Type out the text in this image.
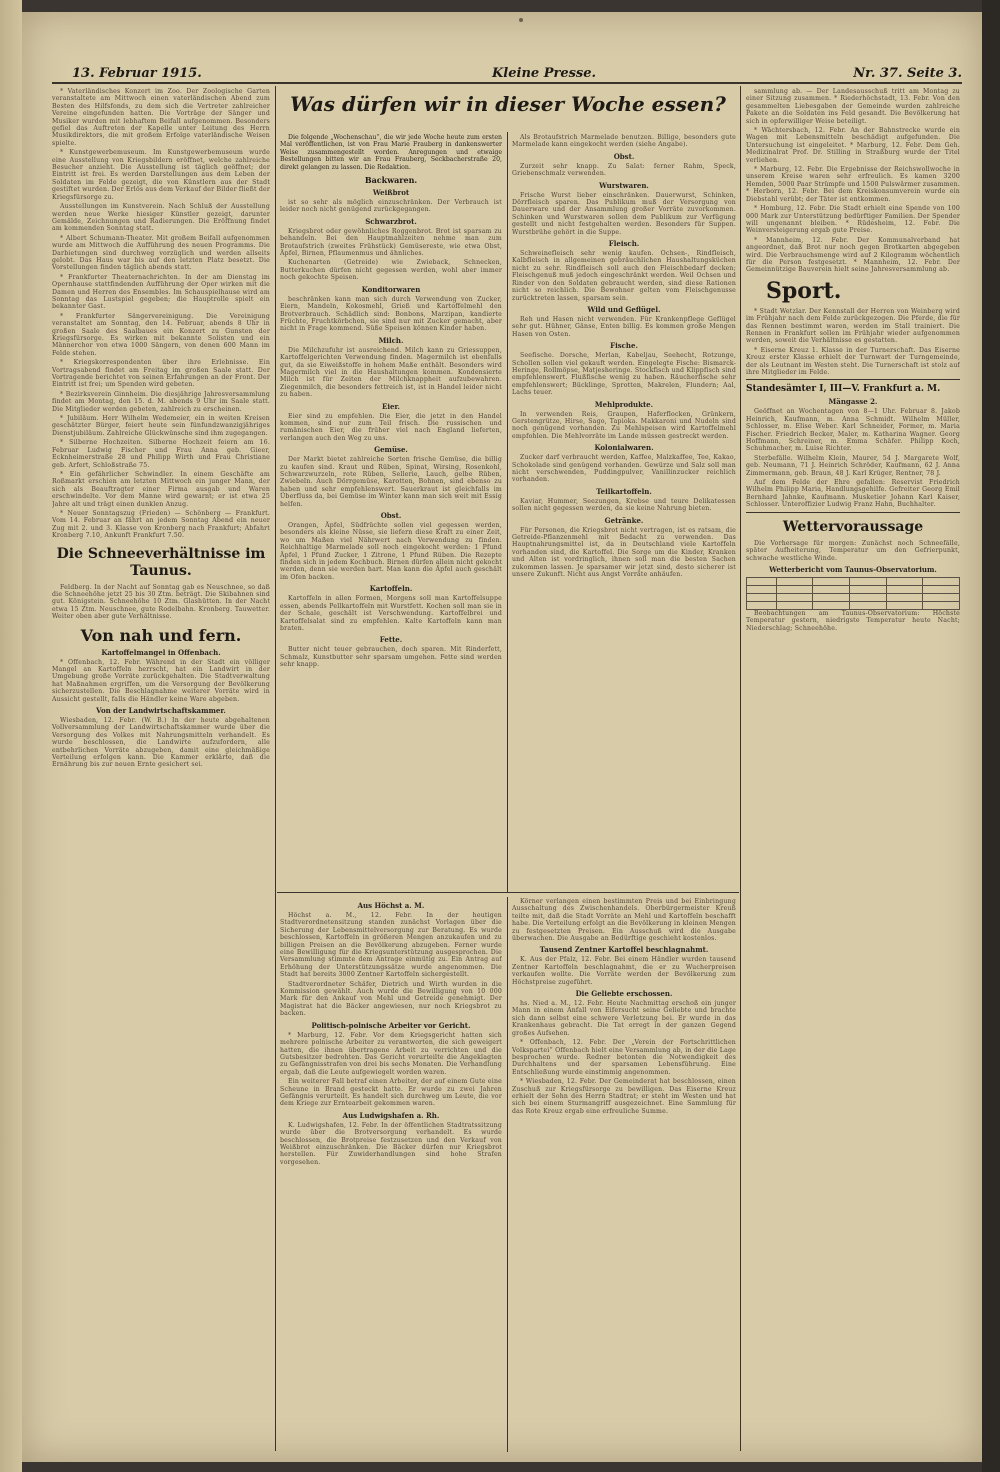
13. Februar 1915.	Kleine Presse.	Nr. 37. Seite 3.

* Vaterländisches Konzert im Zoo. Der Zoologische Garten veranstaltete am Mittwoch einen vaterländischen Abend zum Besten des Hilfsfonds, zu dem sich die Vertreter zahlreicher Vereine eingefunden hatten. Die Vorträge der Sänger und Musiker wurden mit lebhaftem Beifall aufgenommen. Besonders gefiel das Auftreten der Kapelle unter Leitung des Herrn Musikdirektors, die mit großem Erfolge vaterländische Weisen spielte.

* Kunstgewerbemuseum. Im Kunstgewerbemuseum wurde eine Ausstellung von Kriegsbildern eröffnet, welche zahlreiche Besucher anzieht. Die Ausstellung ist täglich geöffnet; der Eintritt ist frei. Es werden Darstellungen aus dem Leben der Soldaten im Felde gezeigt, die von Künstlern aus der Stadt gestiftet wurden. Der Erlös aus dem Verkauf der Bilder fließt der Kriegsfürsorge zu.

Ausstellungen im Kunstverein. Nach Schluß der Ausstellung werden neue Werke hiesiger Künstler gezeigt, darunter Gemälde, Zeichnungen und Radierungen. Die Eröffnung findet am kommenden Sonntag statt.

* Albert Schumann-Theater. Mit großem Beifall aufgenommen wurde am Mittwoch die Aufführung des neuen Programms. Die Darbietungen sind durchweg vorzüglich und werden allseits gelobt. Das Haus war bis auf den letzten Platz besetzt. Die Vorstellungen finden täglich abends statt.

* Frankfurter Theaternachrichten. In der am Dienstag im Opernhause stattfindenden Aufführung der Oper wirken mit die Damen und Herren des Ensembles. Im Schauspielhause wird am Sonntag das Lustspiel gegeben; die Hauptrolle spielt ein bekannter Gast.

* Frankfurter Sängervereinigung. Die Vereinigung veranstaltet am Sonntag, den 14. Februar, abends 8 Uhr in großen Saale des Saalbaues ein Konzert zu Gunsten der Kriegsfürsorge. Es wirken mit bekannte Solisten und ein Männerchor von etwa 1000 Sängern, von denen 600 Mann im Felde stehen.

* Kriegskorrespondenten über ihre Erlebnisse. Ein Vortragsabend findet am Freitag im großen Saale statt. Der Vortragende berichtet von seinen Erfahrungen an der Front. Der Eintritt ist frei; um Spenden wird gebeten.

* Bezirksverein Ginnheim. Die diesjährige Jahresversammlung findet am Montag, den 15. d. M. abends 9 Uhr im Saale statt. Die Mitglieder werden gebeten, zahlreich zu erscheinen.

* Jubiläum. Herr Wilhelm Wedemeier, ein in weiten Kreisen geschätzter Bürger, feiert heute sein fünfundzwanzigjähriges Dienstjubiläum. Zahlreiche Glückwünsche sind ihm zugegangen.

* Silberne Hochzeiten. Silberne Hochzeit feiern am 16. Februar Ludwig Fischer und Frau Anna geb. Gieer, Ecknheimerstraße 28 und Philipp Wirth und Frau Christiane geb. Arfert, Schloßstraße 75.

* Ein gefährlicher Schwindler. In einem Geschäfte am Roßmarkt erschien am letzten Mittwoch ein junger Mann, der sich als Beauftragter einer Firma ausgab und Waren erschwindelte. Vor dem Manne wird gewarnt; er ist etwa 25 Jahre alt und trägt einen dunklen Anzug.

* Neuer Sonntagszug (Frieden) — Schönberg — Frankfurt. Vom 14. Februar an fährt an jedem Sonntag Abend ein neuer Zug mit 2. und 3. Klasse von Kronberg nach Frankfurt; Abfahrt Kronberg 7.10, Ankunft Frankfurt 7.50.

Die Schneeverhältnisse im Taunus.

Feldberg. In der Nacht auf Sonntag gab es Neuschnee, so daß die Schneehöhe jetzt 25 bis 30 Ztm. beträgt. Die Skibahnen sind gut. Königstein. Schneehöhe 10 Ztm. Glashütten. In der Nacht etwa 15 Ztm. Neuschnee, gute Rodelbahn. Kronberg. Tauwetter. Weiter oben aber gute Verhältnisse.

Von nah und fern.
Kartoffelmangel in Offenbach.

* Offenbach, 12. Febr. Während in der Stadt ein völliger Mangel an Kartoffeln herrscht, hat ein Landwirt in der Umgebung große Vorräte zurückgehalten. Die Stadtverwaltung hat Maßnahmen ergriffen, um die Versorgung der Bevölkerung sicherzustellen. Die Beschlagnahme weiterer Vorräte wird in Aussicht gestellt, falls die Händler keine Ware abgeben.

Von der Landwirtschaftskammer.

Wiesbaden, 12. Febr. (W. B.) In der heute abgehaltenen Vollversammlung der Landwirtschaftskammer wurde über die Versorgung des Volkes mit Nahrungsmitteln verhandelt. Es wurde beschlossen, die Landwirte aufzufordern, alle entbehrlichen Vorräte abzugeben, damit eine gleichmäßige Verteilung erfolgen kann. Die Kammer erklärte, daß die Ernährung bis zur neuen Ernte gesichert sei.

Was dürfen wir in dieser Woche essen?

Die folgende „Wochenschau“, die wir jede Woche heute zum ersten Mal veröffentlichen, ist von Frau Marie Frauberg in dankenswerter Weise zusammengestellt worden. Anregungen und etwaige Bestellungen bitten wir an Frau Frauberg, Seckbacherstraße 20, direkt gelangen zu lassen. Die Redaktion.

Backwaren.
Weißbrot

ist so sehr als möglich einzuschränken. Der Verbrauch ist leider noch nicht genügend zurückgegangen.

Schwarzbrot.

Kriegsbrot oder gewöhnliches Roggenbrot. Brot ist sparsam zu behandeln. Bei den Hauptmahlzeiten nehme man zum Brotaufstrich (zweites Frühstück) Gemüsereste, wie etwa Obst, Äpfel, Birnen, Pflaumenmus und ähnliches.

Kuchenarten (Getreide) wie Zwieback, Schnecken, Butterkuchen dürfen nicht gegessen werden, wohl aber immer noch gekochte Speisen.

Konditorwaren

beschränken kann man sich durch Verwendung von Zucker, Eiern, Mandeln, Kokosmehl, Grieß und Kartoffelmehl den Brotverbrauch. Schädlich sind: Bonbons, Marzipan, kandierte Früchte, Fruchtkörbchen, sie sind nur mit Zucker gemacht, aber nicht in Frage kommend. Süße Speisen können Kinder haben.

Milch.

Die Milchzufuhr ist ausreichend. Milch kann zu Griessuppen, Kartoffelgerichten Verwendung finden. Magermilch ist ebenfalls gut, da sie Eiweißstoffe in hohem Maße enthält. Besonders wird Magermilch viel in die Haushaltungen kommen. Kondensierte Milch ist für Zeiten der Milchknappheit aufzubewahren. Ziegenmilch, die besonders fettreich ist, ist in Handel leider nicht zu haben.

Eier.

Eier sind zu empfehlen. Die Eier, die jetzt in den Handel kommen, sind nur zum Teil frisch. Die russischen und rumänischen Eier, die früher viel nach England lieferten, verlangen auch den Weg zu uns.

Gemüse.

Der Markt bietet zahlreiche Sorten frische Gemüse, die billig zu kaufen sind. Kraut und Rüben, Spinat, Wirsing, Rosenkohl, Schwarzwurzeln, rote Rüben, Sellerie, Lauch, gelbe Rüben, Zwiebeln. Auch Dörrgemüse, Karotten, Bohnen, sind ebenso zu haben und sehr empfehlenswert. Sauerkraut ist gleichfalls im Überfluss da, bei Gemüse im Winter kann man sich weit mit Essig helfen.

Obst.

Orangen, Äpfel, Südfrüchte sollen viel gegessen werden, besonders als kleine Nüsse, sie liefern diese Kraft zu einer Zeit, wo um Maßen viel Nährwert nach Verwendung zu finden. Reichhaltige Marmelade soll noch eingekocht werden: 1 Pfund Äpfel, 1 Pfund Zucker, 1 Zitrone, 1 Pfund Rüben. Die Rezepte finden sich in jedem Kochbuch. Birnen dürfen allein nicht gekocht werden, denn sie werden hart. Man kann die Äpfel auch geschält im Ofen backen.

Kartoffeln.

Kartoffeln in allen Formen, Morgens soll man Kartoffelsuppe essen, abends Pellkartoffeln mit Wurstfett. Kochen soll man sie in der Schale, geschält ist Verschwendung. Kartoffelbrei und Kartoffelsalat sind zu empfehlen. Kalte Kartoffeln kann man braten.

Fette.

Butter nicht teuer gebrauchen, doch sparen. Mit Rinderfett, Schmalz, Kunstbutter sehr sparsam umgehen. Fette sind werden sehr knapp.

Als Brotaufstrich Marmelade benutzen. Billige, besonders gute Marmelade kann eingekocht werden (siehe Angabe).

Obst.

Zurzeit sehr knapp. Zu Salat: ferner Rahm, Speck, Griebenschmalz verwenden.

Wurstwaren.

Frische Wurst lieber einschränken. Dauerwurst, Schinken, Dörrfleisch sparen. Das Publikum muß der Versorgung von Dauerware und der Ansammlung großer Vorräte zuvorkommen. Schinken und Wurstwaren sollen dem Publikum zur Verfügung gestellt und nicht festgehalten werden. Besonders für Suppen. Wurstbrühe gehört in die Suppe.

Fleisch.

Schweinefleisch sehr wenig kaufen. Ochsen-, Rindfleisch, Kalbfleisch in allgemeinen gebräuchlichen Haushaltungsküchen nicht zu sehr. Rindfleisch soll auch den Fleischbedarf decken; Fleischgenuß muß jedoch eingeschränkt werden. Weil Ochsen und Rinder von den Soldaten gebraucht werden, sind diese Rationen nicht so reichlich. Die Bewohner gelten vom Fleischgenusse zurücktreten lassen, sparsam sein.

Wild und Geflügel.

Reh und Hasen nicht verwenden. Für Krankenpflege Geflügel sehr gut. Hühner, Gänse, Enten billig. Es kommen große Mengen Hasen von Osten.

Fische.

Seefische. Dorsche, Merlan, Kabeljau, Seehecht, Rotzunge, Schollen sollen viel gekauft werden. Eingelegte Fische: Bismarck-Heringe, Rollmöpse, Matjesheringe. Stockfisch und Klippfisch sind empfehlenswert. Flußfische wenig zu haben. Räucherfische sehr empfehlenswert; Bücklinge, Sprotten, Makrelen, Flundern; Aal, Lachs teuer.

Mehlprodukte.

In verwenden Reis, Graupen, Haferflocken, Grünkern, Gerstengrütze, Hirse, Sago, Tapioka. Makkaroni und Nudeln sind noch genügend vorhanden. Zu Mehlspeisen wird Kartoffelmehl empfohlen. Die Mehlvorräte im Lande müssen gestreckt werden.

Kolonialwaren.

Zucker darf verbraucht werden, Kaffee, Malzkaffee, Tee, Kakao, Schokolade sind genügend vorhanden. Gewürze und Salz soll man nicht verschwenden, Puddingpulver, Vanillinzucker reichlich vorhanden.

Teilkartoffeln.

Kaviar, Hummer, Seezungen, Krebse und teure Delikatessen sollen nicht gegessen werden, da sie keine Nahrung bieten.

Getränke.

Für Personen, die Kriegsbrot nicht vertragen, ist es ratsam, die Getreide-Pflanzenmehl mit Bedacht zu verwenden. Das Hauptnahrungsmittel ist, da in Deutschland viele Kartoffeln vorhanden sind, die Kartoffel. Die Sorge um die Kinder, Kranken und Alten ist vordringlich, ihnen soll man die besten Sachen zukommen lassen. Je sparsamer wir jetzt sind, desto sicherer ist unsere Zukunft. Nicht aus Angst Vorräte anhäufen.

Aus Höchst a. M.

Höchst a. M., 12. Febr. In der heutigen Stadtverordnetensitzung standen zunächst Vorlagen über die Sicherung der Lebensmittelversorgung zur Beratung. Es wurde beschlossen, Kartoffeln in größeren Mengen anzukaufen und zu billigen Preisen an die Bevölkerung abzugeben. Ferner wurde eine Bewilligung für die Kriegsunterstützung ausgesprochen. Die Versammlung stimmte dem Antrage einmütig zu. Ein Antrag auf Erhöhung der Unterstützungssätze wurde angenommen. Die Stadt hat bereits 3000 Zentner Kartoffeln sichergestellt.

Stadtverordneter Schäfer, Dietrich und Wirth wurden in die Kommission gewählt. Auch wurde die Bewilligung von 10 000 Mark für den Ankauf von Mehl und Getreide genehmigt. Der Magistrat hat die Bäcker angewiesen, nur noch Kriegsbrot zu backen.

Politisch-polnische Arbeiter vor Gericht.

* Marburg, 12. Febr. Vor dem Kriegsgericht hatten sich mehrere polnische Arbeiter zu verantworten, die sich geweigert hatten, die ihnen übertragene Arbeit zu verrichten und die Gutsbesitzer bedrohten. Das Gericht verurteilte die Angeklagten zu Gefängnisstrafen von drei bis sechs Monaten. Die Verhandlung ergab, daß die Leute aufgewiegelt worden waren.

Ein weiterer Fall betraf einen Arbeiter, der auf einem Gute eine Scheune in Brand gesteckt hatte. Er wurde zu zwei Jahren Gefängnis verurteilt. Es handelt sich durchweg um Leute, die vor dem Kriege zur Erntearbeit gekommen waren.

Aus Ludwigshafen a. Rh.

K. Ludwigshafen, 12. Febr. In der öffentlichen Stadtratssitzung wurde über die Brotversorgung verhandelt. Es wurde beschlossen, die Brotpreise festzusetzen und den Verkauf von Weißbrot einzuschränken. Die Bäcker dürfen nur Kriegsbrot herstellen. Für Zuwiderhandlungen sind hohe Strafen vorgesehen.

Körner verlangen einen bestimmten Preis und bei Einbringung Ausschaltung des Zwischenhandels. Oberbürgermeister Kreuß teilte mit, daß die Stadt Vorräte an Mehl und Kartoffeln beschafft habe. Die Verteilung erfolgt an die Bevölkerung in kleinen Mengen zu festgesetzten Preisen. Ein Ausschuß wird die Ausgabe überwachen. Die Ausgabe an Bedürftige geschieht kostenlos.

Tausend Zentner Kartoffel beschlagnahmt.

K. Aus der Pfalz, 12. Febr. Bei einem Händler wurden tausend Zentner Kartoffeln beschlagnahmt, die er zu Wucherpreisen verkaufen wollte. Die Vorräte werden der Bevölkerung zum Höchstpreise zugeführt.

Die Geliebte erschossen.

hs. Nied a. M., 12. Febr. Heute Nachmittag erschoß ein junger Mann in einem Anfall von Eifersucht seine Geliebte und brachte sich dann selbst eine schwere Verletzung bei. Er wurde in das Krankenhaus gebracht. Die Tat erregt in der ganzen Gegend großes Aufsehen.

* Offenbach, 12. Febr. Der „Verein der Fortschrittlichen Volkspartei“ Offenbach hielt eine Versammlung ab, in der die Lage besprochen wurde. Redner betonten die Notwendigkeit des Durchhaltens und der sparsamen Lebensführung. Eine Entschließung wurde einstimmig angenommen.

* Wiesbaden, 12. Febr. Der Gemeinderat hat beschlossen, einen Zuschuß zur Kriegsfürsorge zu bewilligen. Das Eiserne Kreuz erhielt der Sohn des Herrn Stadtrat; er steht im Westen und hat sich bei einem Sturmangriff ausgezeichnet. Eine Sammlung für das Rote Kreuz ergab eine erfreuliche Summe.

sammlung ab. — Der Landesausschuß tritt am Montag zu einer Sitzung zusammen. * Riederhöchstadt, 13. Febr. Von den gesammelten Liebesgaben der Gemeinde wurden zahlreiche Pakete an die Soldaten ins Feld gesandt. Die Bevölkerung hat sich in opferwilliger Weise beteiligt.

* Wächtersbach, 12. Febr. An der Bahnstrecke wurde ein Wagen mit Lebensmitteln beschädigt aufgefunden. Die Untersuchung ist eingeleitet. * Marburg, 12. Febr. Dem Geh. Medizinalrat Prof. Dr. Stilling in Straßburg wurde der Titel verliehen.

* Marburg, 12. Febr. Die Ergebnisse der Reichswollwoche in unserem Kreise waren sehr erfreulich. Es kamen 3200 Hemden, 5000 Paar Strümpfe und 1500 Pulswärmer zusammen. * Herborn, 12. Febr. Bei dem Kreiskonsumverein wurde ein Diebstahl verübt; der Täter ist entkommen.

* Homburg, 12. Febr. Die Stadt erhielt eine Spende von 100 000 Mark zur Unterstützung bedürftiger Familien. Der Spender will ungenannt bleiben. * Rüdesheim, 12. Febr. Die Weinversteigerung ergab gute Preise.

* Mannheim, 12. Febr. Der Kommunalverband hat angeordnet, daß Brot nur noch gegen Brotkarten abgegeben wird. Die Verbrauchsmenge wird auf 2 Kilogramm wöchentlich für die Person festgesetzt. * Mannheim, 12. Febr. Der Gemeinnützige Bauverein hielt seine Jahresversammlung ab.

Sport.

* Stadt Wetzlar. Der Kennstall der Herren von Weinberg wird im Frühjahr nach dem Felde zurückgezogen. Die Pferde, die für das Rennen bestimmt waren, werden im Stall trainiert. Die Rennen in Frankfurt sollen im Frühjahr wieder aufgenommen werden, soweit die Verhältnisse es gestatten.

* Eiserne Kreuz 1. Klasse in der Turnerschaft. Das Eiserne Kreuz erster Klasse erhielt der Turnwart der Turngemeinde, der als Leutnant im Westen steht. Die Turnerschaft ist stolz auf ihre Mitglieder im Felde.

Standesämter I, III—V. Frankfurt a. M.
Mängasse 2.

Geöffnet an Wochentagen von 8—1 Uhr. Februar 8. Jakob Heinrich, Kaufmann, m. Anna Schmidt. Wilhelm Müller, Schlosser, m. Elise Weber. Karl Schneider, Former, m. Maria Fischer. Friedrich Becker, Maler, m. Katharina Wagner. Georg Hoffmann, Schreiner, m. Emma Schäfer. Philipp Koch, Schuhmacher, m. Luise Richter.

Sterbefälle. Wilhelm Klein, Maurer, 54 J. Margarete Wolf, geb. Neumann, 71 J. Heinrich Schröder, Kaufmann, 62 J. Anna Zimmermann, geb. Braun, 48 J. Karl Krüger, Rentner, 78 J.

Auf dem Felde der Ehre gefallen: Reservist Friedrich Wilhelm Philipp Maria, Handlungsgehilfe. Gefreiter Georg Emil Bernhard Jahnke, Kaufmann. Musketier Johann Karl Kaiser, Schlosser. Unteroffizier Ludwig Franz Hahn, Buchhalter.

Wettervoraussage

Die Vorhersage für morgen: Zunächst noch Schneefälle, später Aufheiterung, Temperatur um den Gefrierpunkt, schwache westliche Winde.

Wetterbericht vom Taunus-Observatorium.

Beobachtungen am Taunus-Observatorium: Höchste Temperatur gestern, niedrigste Temperatur heute Nacht; Niederschlag; Schneehöhe.
